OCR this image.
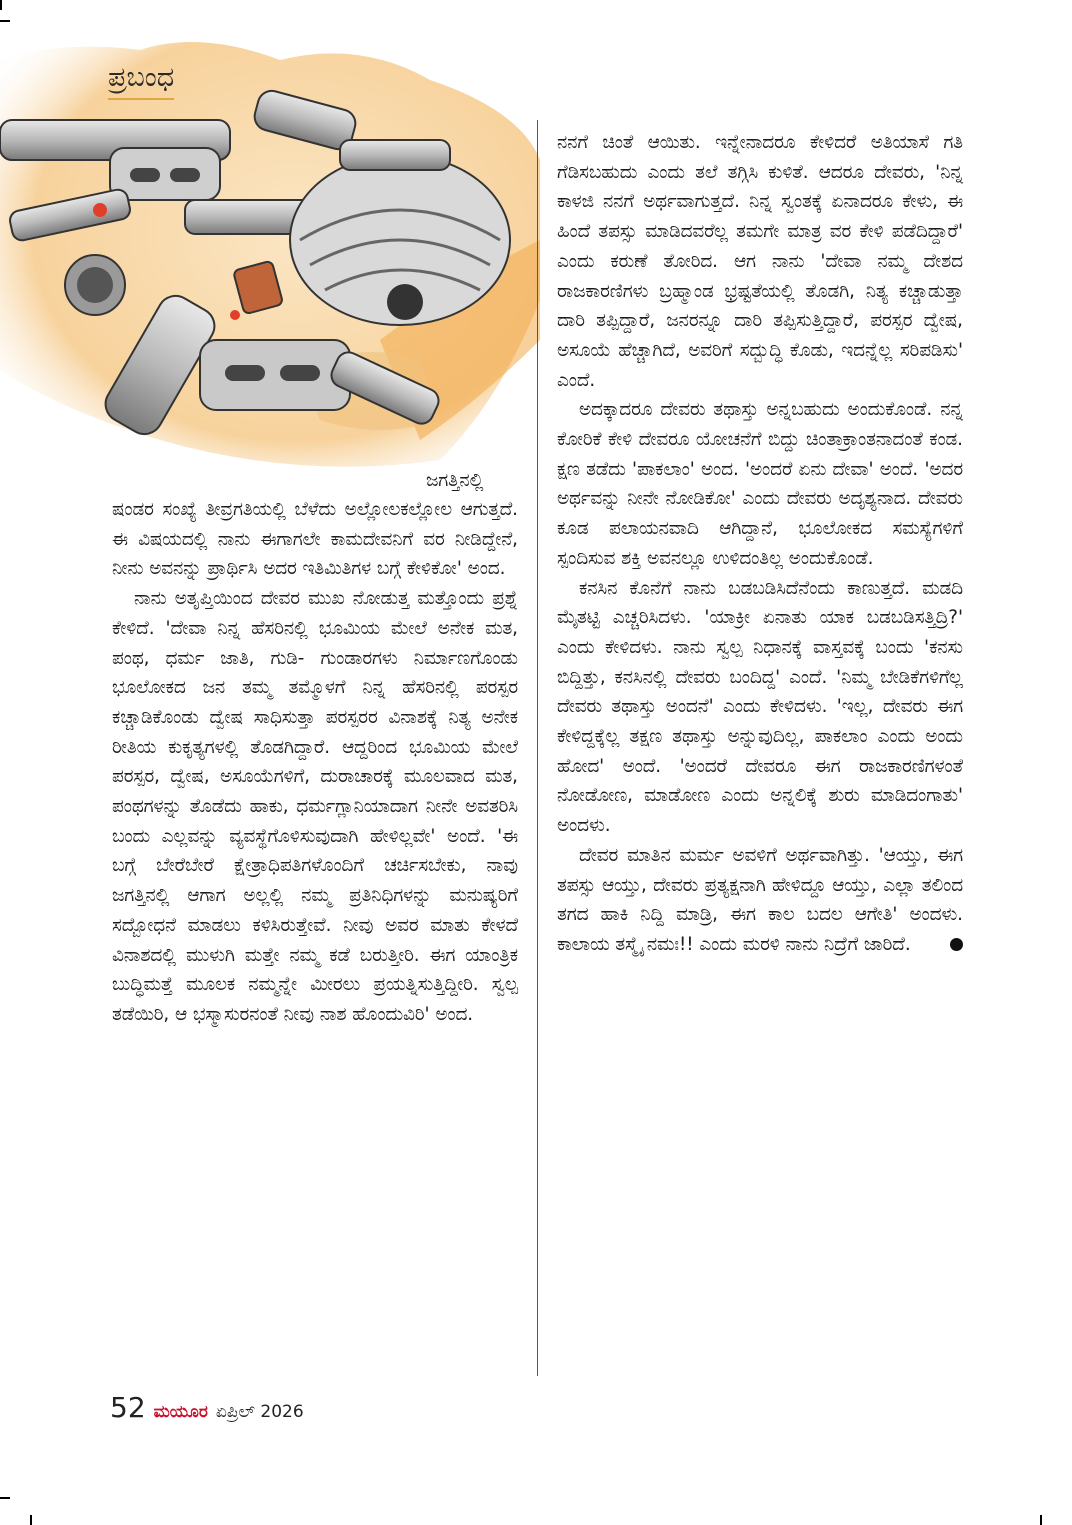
ಪ್ರಬಂಧ
ಜಗತ್ತಿನಲ್ಲಿ

ಷಂಡರ ಸಂಖ್ಯೆ ತೀವ್ರಗತಿಯಲ್ಲಿ ಬೆಳೆದು ಅಲ್ಲೋಲಕಲ್ಲೋಲ ಆಗುತ್ತದೆ. ಈ ವಿಷಯದಲ್ಲಿ ನಾನು ಈಗಾಗಲೇ ಕಾಮದೇವನಿಗೆ ವರ ನೀಡಿದ್ದೇನೆ, ನೀನು ಅವನನ್ನು ಪ್ರಾರ್ಥಿಸಿ ಅದರ ಇತಿಮಿತಿಗಳ ಬಗ್ಗೆ ಕೇಳಿಕೋ' ಅಂದ.

ನಾನು ಅತೃಪ್ತಿಯಿಂದ ದೇವರ ಮುಖ ನೋಡುತ್ತ ಮತ್ತೊಂದು ಪ್ರಶ್ನೆ ಕೇಳಿದೆ. 'ದೇವಾ ನಿನ್ನ ಹೆಸರಿನಲ್ಲಿ ಭೂಮಿಯ ಮೇಲೆ ಅನೇಕ ಮತ, ಪಂಥ, ಧರ್ಮ ಜಾತಿ, ಗುಡಿ- ಗುಂಡಾರಗಳು ನಿರ್ಮಾಣಗೊಂಡು ಭೂಲೋಕದ ಜನ ತಮ್ಮ ತಮ್ಮೊಳಗೆ ನಿನ್ನ ಹೆಸರಿನಲ್ಲಿ ಪರಸ್ಪರ ಕಚ್ಚಾಡಿಕೊಂಡು ದ್ವೇಷ ಸಾಧಿಸುತ್ತಾ ಪರಸ್ಪರರ ವಿನಾಶಕ್ಕೆ ನಿತ್ಯ ಅನೇಕ ರೀತಿಯ ಕುಕೃತ್ಯಗಳಲ್ಲಿ ತೊಡಗಿದ್ದಾರೆ. ಆದ್ದರಿಂದ ಭೂಮಿಯ ಮೇಲೆ ಪರಸ್ಪರ, ದ್ವೇಷ, ಅಸೂಯೆಗಳಿಗೆ, ದುರಾಚಾರಕ್ಕೆ ಮೂಲವಾದ ಮತ, ಪಂಥಗಳನ್ನು ತೊಡೆದು ಹಾಕು, ಧರ್ಮಗ್ಲಾನಿಯಾದಾಗ ನೀನೇ ಅವತರಿಸಿ ಬಂದು ಎಲ್ಲವನ್ನು ವ್ಯವಸ್ಥೆಗೊಳಿಸುವುದಾಗಿ ಹೇಳಿಲ್ಲವೇ' ಅಂದೆ. 'ಈ ಬಗ್ಗೆ ಬೇರೆಬೇರೆ ಕ್ಷೇತ್ರಾಧಿಪತಿಗಳೊಂದಿಗೆ ಚರ್ಚಿಸಬೇಕು, ನಾವು ಜಗತ್ತಿನಲ್ಲಿ ಆಗಾಗ ಅಲ್ಲಲ್ಲಿ ನಮ್ಮ ಪ್ರತಿನಿಧಿಗಳನ್ನು ಮನುಷ್ಯರಿಗೆ ಸದ್ಬೋಧನೆ ಮಾಡಲು ಕಳಿಸಿರುತ್ತೇವೆ. ನೀವು ಅವರ ಮಾತು ಕೇಳದೆ ವಿನಾಶದಲ್ಲಿ ಮುಳುಗಿ ಮತ್ತೇ ನಮ್ಮ ಕಡೆ ಬರುತ್ತೀರಿ. ಈಗ ಯಾಂತ್ರಿಕ ಬುದ್ಧಿಮತ್ತೆ ಮೂಲಕ ನಮ್ಮನ್ನೇ ಮೀರಲು ಪ್ರಯತ್ನಿಸುತ್ತಿದ್ದೀರಿ. ಸ್ವಲ್ಪ ತಡೆಯಿರಿ, ಆ ಭಸ್ಮಾಸುರನಂತೆ ನೀವು ನಾಶ ಹೊಂದುವಿರಿ' ಅಂದ.

ನನಗೆ ಚಿಂತೆ ಆಯಿತು. ಇನ್ನೇನಾದರೂ ಕೇಳಿದರೆ ಅತಿಯಾಸೆ ಗತಿ ಗೆಡಿಸಬಹುದು ಎಂದು ತಲೆ ತಗ್ಗಿಸಿ ಕುಳಿತೆ. ಆದರೂ ದೇವರು, 'ನಿನ್ನ ಕಾಳಜಿ ನನಗೆ ಅರ್ಥವಾಗುತ್ತದೆ. ನಿನ್ನ ಸ್ವಂತಕ್ಕೆ ಏನಾದರೂ ಕೇಳು, ಈ ಹಿಂದೆ ತಪಸ್ಸು ಮಾಡಿದವರೆಲ್ಲ ತಮಗೇ ಮಾತ್ರ ವರ ಕೇಳಿ ಪಡೆದಿದ್ದಾರೆ' ಎಂದು ಕರುಣೆ ತೋರಿದ. ಆಗ ನಾನು 'ದೇವಾ ನಮ್ಮ ದೇಶದ ರಾಜಕಾರಣಿಗಳು ಬ್ರಹ್ಮಾಂಡ ಭ್ರಷ್ಟತೆಯಲ್ಲಿ ತೊಡಗಿ, ನಿತ್ಯ ಕಚ್ಚಾಡುತ್ತಾ ದಾರಿ ತಪ್ಪಿದ್ದಾರೆ, ಜನರನ್ನೂ ದಾರಿ ತಪ್ಪಿಸುತ್ತಿದ್ದಾರೆ, ಪರಸ್ಪರ ದ್ವೇಷ, ಅಸೂಯೆ ಹೆಚ್ಚಾಗಿದೆ, ಅವರಿಗೆ ಸದ್ಬುದ್ಧಿ ಕೊಡು, ಇದನ್ನೆಲ್ಲ ಸರಿಪಡಿಸು' ಎಂದೆ.

ಅದಕ್ಕಾದರೂ ದೇವರು ತಥಾಸ್ತು ಅನ್ನಬಹುದು ಅಂದುಕೊಂಡೆ. ನನ್ನ ಕೋರಿಕೆ ಕೇಳಿ ದೇವರೂ ಯೋಚನೆಗೆ ಬಿದ್ದು ಚಿಂತಾಕ್ರಾಂತನಾದಂತೆ ಕಂಡ. ಕ್ಷಣ ತಡೆದು 'ಪಾಕಲಾಂ' ಅಂದ. 'ಅಂದರೆ ಏನು ದೇವಾ' ಅಂದೆ. 'ಅದರ ಅರ್ಥವನ್ನು ನೀನೇ ನೋಡಿಕೋ' ಎಂದು ದೇವರು ಅದೃಶ್ಯನಾದ. ದೇವರು ಕೂಡ ಪಲಾಯನವಾದಿ ಆಗಿದ್ದಾನೆ, ಭೂಲೋಕದ ಸಮಸ್ಯೆಗಳಿಗೆ ಸ್ಪಂದಿಸುವ ಶಕ್ತಿ ಅವನಲ್ಲೂ ಉಳಿದಂತಿಲ್ಲ ಅಂದುಕೊಂಡೆ.

ಕನಸಿನ ಕೊನೆಗೆ ನಾನು ಬಡಬಡಿಸಿದೆನೆಂದು ಕಾಣುತ್ತದೆ. ಮಡದಿ ಮೈತಟ್ಟಿ ಎಚ್ಚರಿಸಿದಳು. 'ಯಾಕ್ರೀ ಏನಾತು ಯಾಕ ಬಡಬಡಿಸತ್ತಿದ್ರಿ?' ಎಂದು ಕೇಳಿದಳು. ನಾನು ಸ್ವಲ್ಪ ನಿಧಾನಕ್ಕೆ ವಾಸ್ತವಕ್ಕೆ ಬಂದು 'ಕನಸು ಬಿದ್ದಿತ್ತು, ಕನಸಿನಲ್ಲಿ ದೇವರು ಬಂದಿದ್ದ' ಎಂದೆ. 'ನಿಮ್ಮ ಬೇಡಿಕೆಗಳಿಗೆಲ್ಲ ದೇವರು ತಥಾಸ್ತು ಅಂದನೆ' ಎಂದು ಕೇಳಿದಳು. 'ಇಲ್ಲ, ದೇವರು ಈಗ ಕೇಳಿದ್ದಕ್ಕೆಲ್ಲ ತಕ್ಷಣ ತಥಾಸ್ತು ಅನ್ನುವುದಿಲ್ಲ, ಪಾಕಲಾಂ ಎಂದು ಅಂದು ಹೋದ' ಅಂದೆ. 'ಅಂದರೆ ದೇವರೂ ಈಗ ರಾಜಕಾರಣಿಗಳಂತೆ ನೋಡೋಣ, ಮಾಡೋಣ ಎಂದು ಅನ್ನಲಿಕ್ಕೆ ಶುರು ಮಾಡಿದಂಗಾತು' ಅಂದಳು.

ದೇವರ ಮಾತಿನ ಮರ್ಮ ಅವಳಿಗೆ ಅರ್ಥವಾಗಿತ್ತು. 'ಆಯ್ತು, ಈಗ ತಪಸ್ಸು ಆಯ್ತು, ದೇವರು ಪ್ರತ್ಯಕ್ಷನಾಗಿ ಹೇಳಿದ್ದೂ ಆಯ್ತು, ಎಲ್ಲಾ ತಲಿಂದ ತಗದ ಹಾಕಿ ನಿದ್ದಿ ಮಾಡ್ರಿ, ಈಗ ಕಾಲ ಬದಲ ಆಗೇತಿ' ಅಂದಳು. ಕಾಲಾಯ ತಸ್ಮೈ ನಮಃ!! ಎಂದು ಮರಳಿ ನಾನು ನಿದ್ರೆಗೆ ಜಾರಿದೆ.

52 ಮಯೂರ ಏಪ್ರಿಲ್ 2026
